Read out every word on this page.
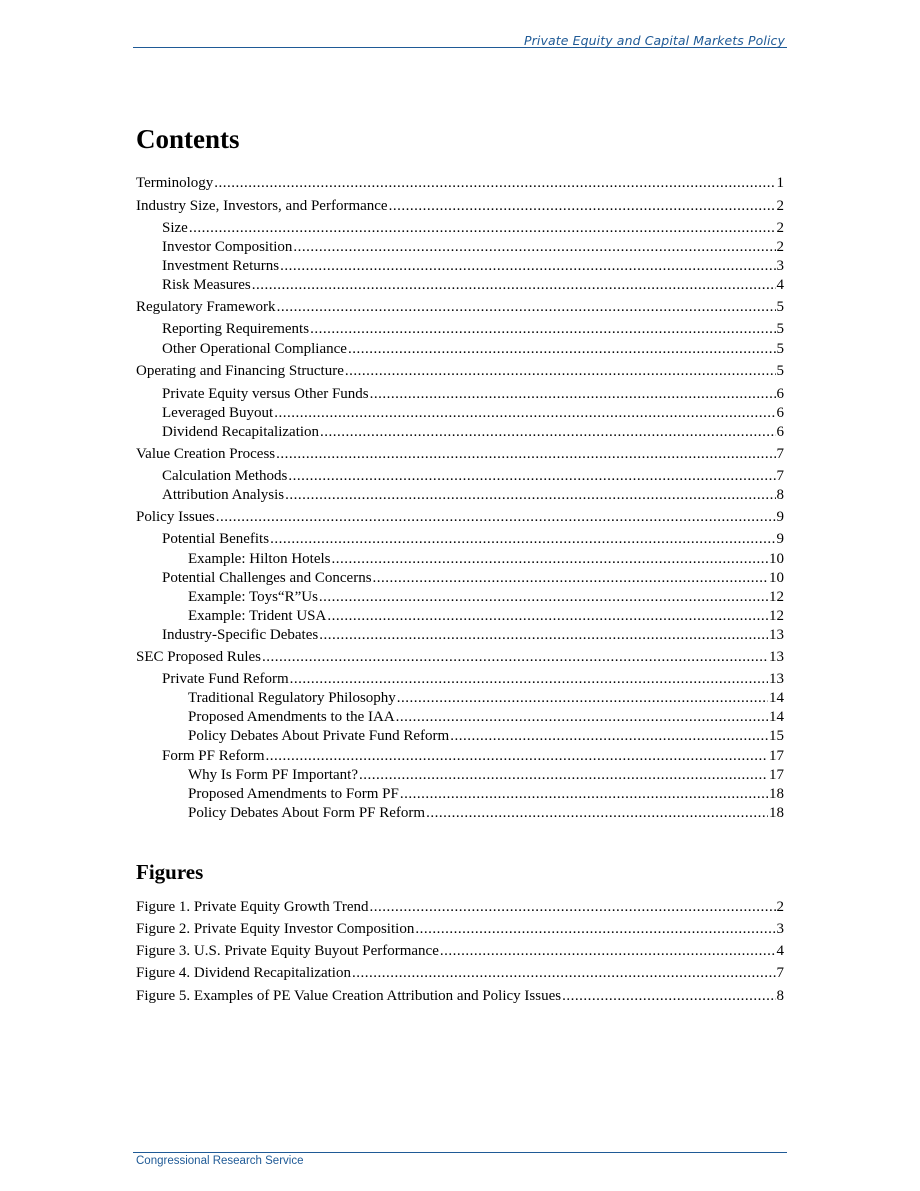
Private Equity and Capital Markets Policy
Contents
Terminology .....	1
Industry Size, Investors, and Performance .....	2
Size .....	2
Investor Composition .....	2
Investment Returns .....	3
Risk Measures .....	4
Regulatory Framework .....	5
Reporting Requirements .....	5
Other Operational Compliance .....	5
Operating and Financing Structure .....	5
Private Equity versus Other Funds .....	6
Leveraged Buyout .....	6
Dividend Recapitalization .....	6
Value Creation Process .....	7
Calculation Methods .....	7
Attribution Analysis .....	8
Policy Issues .....	9
Potential Benefits .....	9
Example: Hilton Hotels .....	10
Potential Challenges and Concerns .....	10
Example: Toys“R”Us .....	12
Example: Trident USA .....	12
Industry-Specific Debates .....	13
SEC Proposed Rules .....	13
Private Fund Reform .....	13
Traditional Regulatory Philosophy .....	14
Proposed Amendments to the IAA .....	14
Policy Debates About Private Fund Reform .....	15
Form PF Reform .....	17
Why Is Form PF Important? .....	17
Proposed Amendments to Form PF .....	18
Policy Debates About Form PF Reform .....	18
Figures
Figure 1. Private Equity Growth Trend .....	2
Figure 2. Private Equity Investor Composition .....	3
Figure 3. U.S. Private Equity Buyout Performance .....	4
Figure 4. Dividend Recapitalization .....	7
Figure 5. Examples of PE Value Creation Attribution and Policy Issues .....	8
Congressional Research Service
